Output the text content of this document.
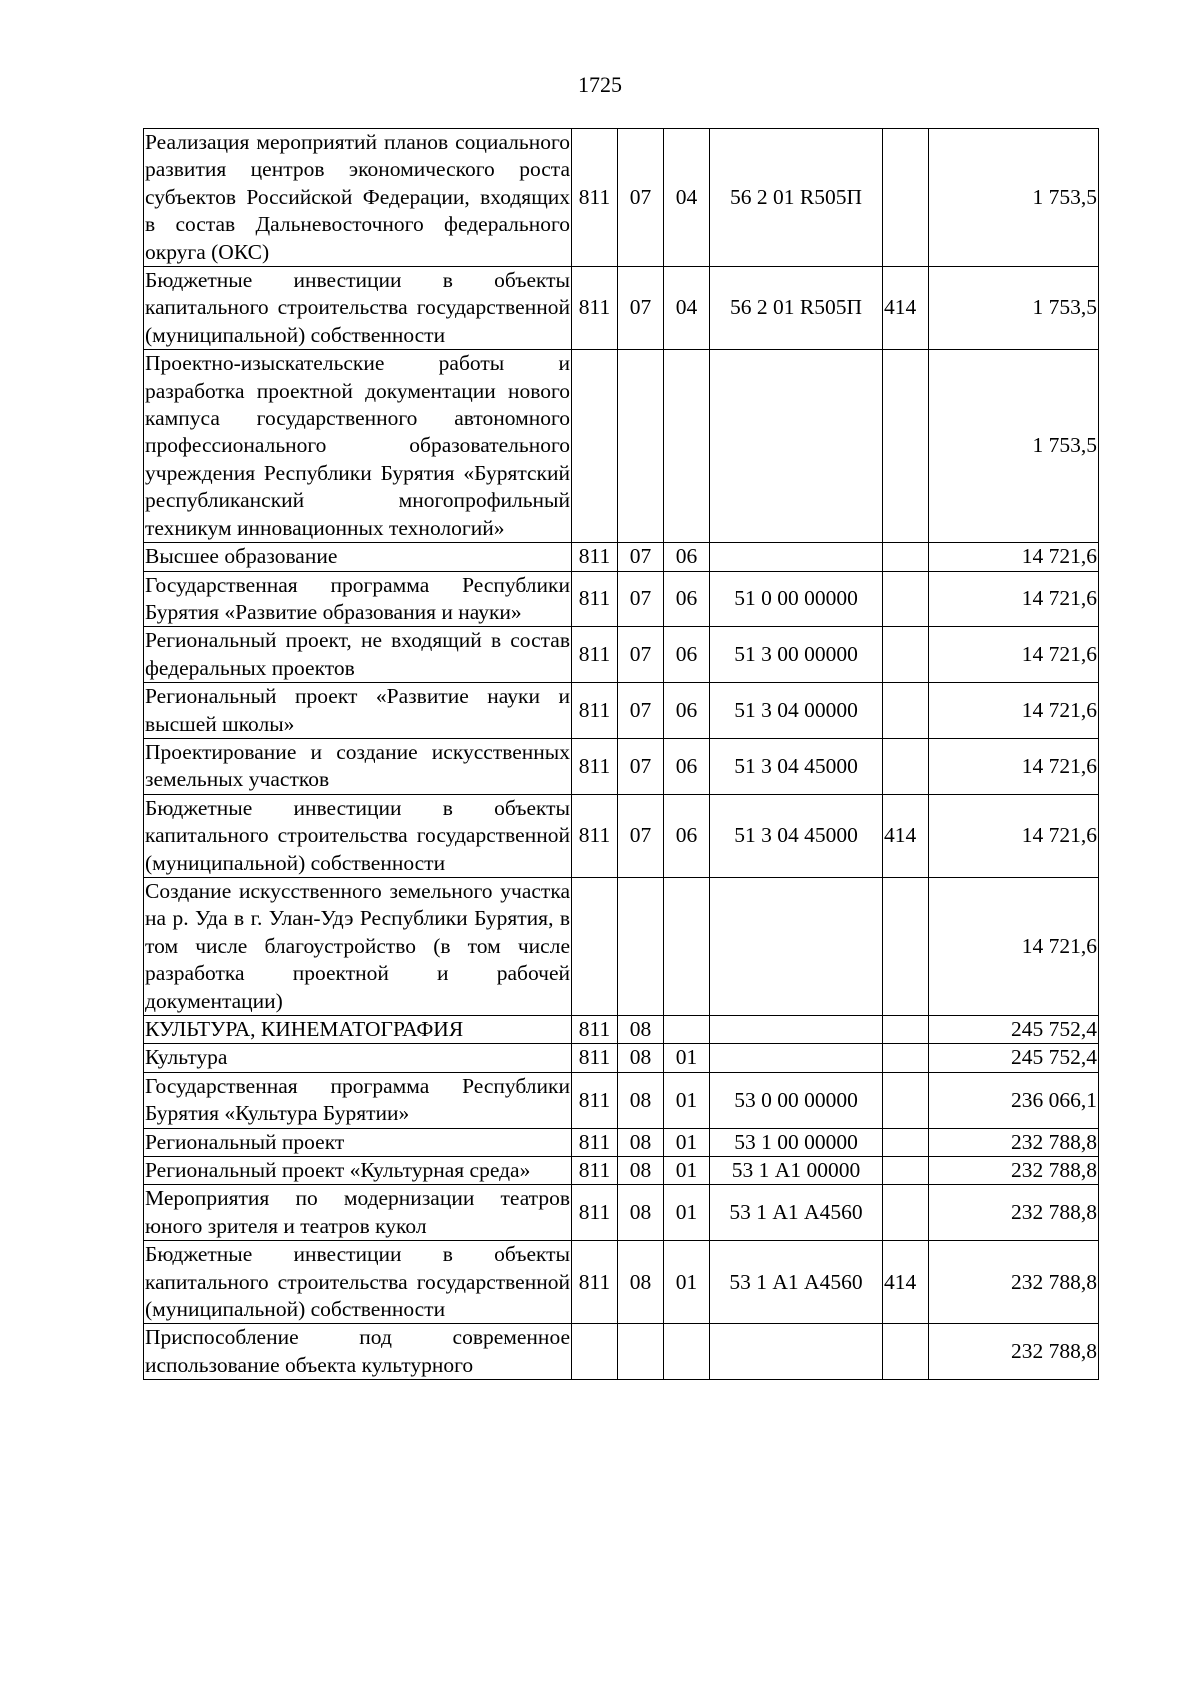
1725
Реализация мероприятий планов социального развития центров экономического роста субъектов Российской Федерации, входящих в состав Дальневосточного федерального округа (ОКС)	811	07	04	56 2 01 R505П		1 753,5
Бюджетные инвестиции в объекты капитального строительства государственной (муниципальной) собственности	811	07	04	56 2 01 R505П	414	1 753,5
Проектно-изыскательские работы и разработка проектной документации нового кампуса государственного автономного профессионального образовательного учреждения Республики Бурятия «Бурятский республиканский многопрофильный техникум инновационных технологий»						1 753,5
Высшее образование	811	07	06			14 721,6
Государственная программа Республики Бурятия «Развитие образования и науки»	811	07	06	51 0 00 00000		14 721,6
Региональный проект, не входящий в состав федеральных проектов	811	07	06	51 3 00 00000		14 721,6
Региональный проект «Развитие науки и высшей школы»	811	07	06	51 3 04 00000		14 721,6
Проектирование и создание искусственных земельных участков	811	07	06	51 3 04 45000		14 721,6
Бюджетные инвестиции в объекты капитального строительства государственной (муниципальной) собственности	811	07	06	51 3 04 45000	414	14 721,6
Создание искусственного земельного участка на р. Уда в г. Улан-Удэ Республики Бурятия, в том числе благоустройство (в том числе разработка проектной и рабочей документации)						14 721,6
КУЛЬТУРА, КИНЕМАТОГРАФИЯ	811	08				245 752,4
Культура	811	08	01			245 752,4
Государственная программа Республики Бурятия «Культура Бурятии»	811	08	01	53 0 00 00000		236 066,1
Региональный проект	811	08	01	53 1 00 00000		232 788,8
Региональный проект «Культурная среда»	811	08	01	53 1 А1 00000		232 788,8
Мероприятия по модернизации театров юного зрителя и театров кукол	811	08	01	53 1 А1 А4560		232 788,8
Бюджетные инвестиции в объекты капитального строительства государственной (муниципальной) собственности	811	08	01	53 1 А1 А4560	414	232 788,8
Приспособление под современное использование объекта культурного						232 788,8
